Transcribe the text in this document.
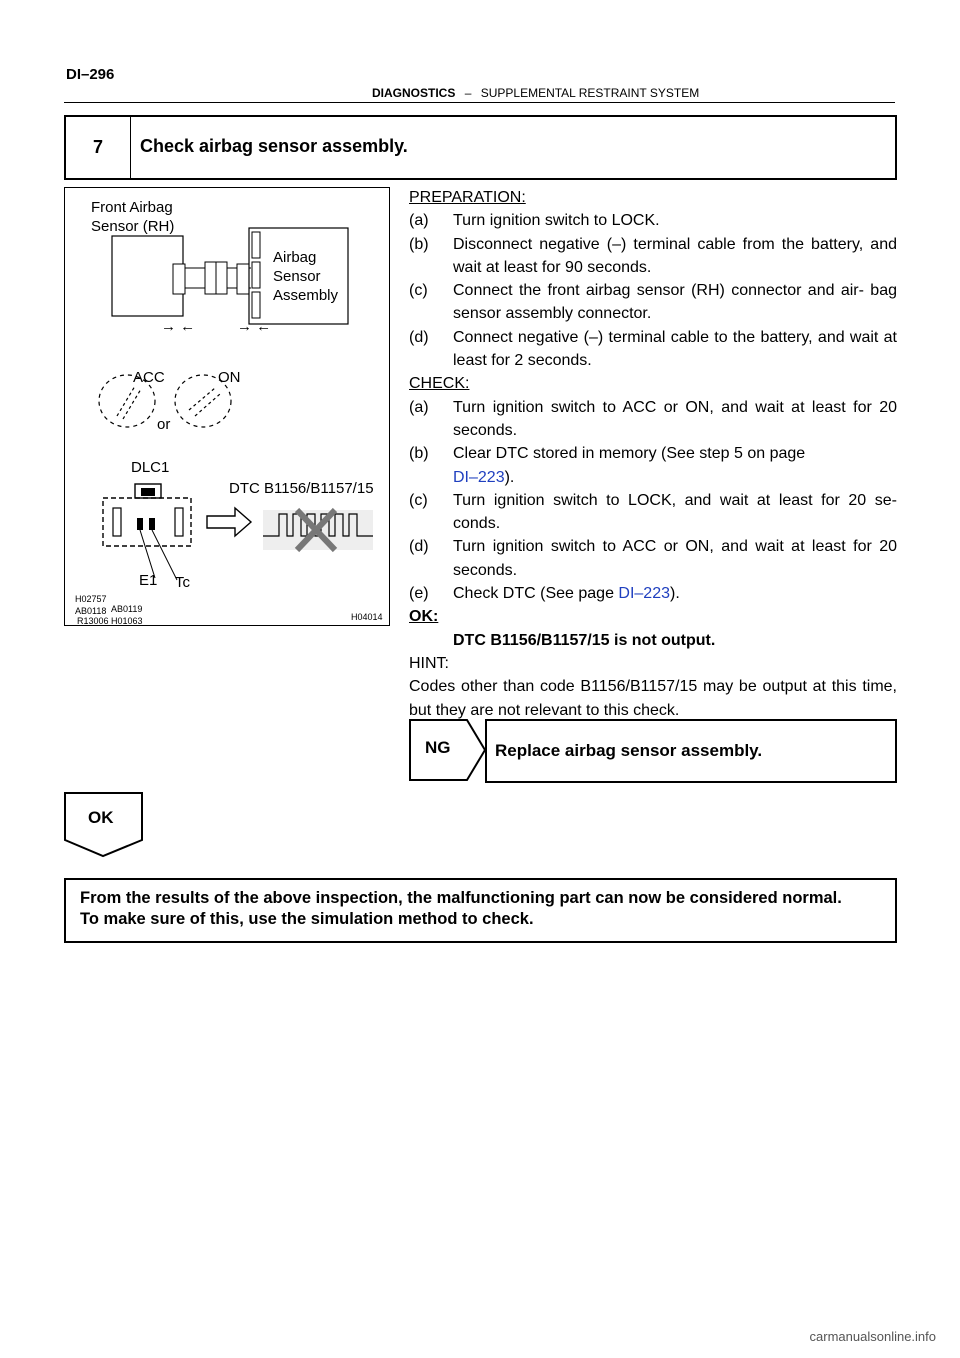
DI–296
DIAGNOSTICS – SUPPLEMENTAL RESTRAINT SYSTEM
7	Check airbag sensor assembly.
Front Airbag
Sensor (RH)
Airbag
Sensor
Assembly
→ ←	→ ←
ACC	ON
or
DLC1
DTC B1156/B1157/15
E1 Tc
H02757
AB0118 AB0119
R13006 H01063	H04014
PREPARATION:
(a)	Turn ignition switch to LOCK.
(b)	Disconnect negative (–) terminal cable from the battery, and wait at least for 90 seconds.
(c)	Connect the front airbag sensor (RH) connector and air- bag sensor assembly connector.
(d)	Connect negative (–) terminal cable to the battery, and wait at least for 2 seconds.
CHECK:
(a)	Turn ignition switch to ACC or ON, and wait at least for 20 seconds.
(b)	Clear DTC stored in memory (See step 5 on page
DI–223).
(c)	Turn ignition switch to LOCK, and wait at least for 20 se- conds.
(d)	Turn ignition switch to ACC or ON, and wait at least for 20 seconds.
(e)	Check DTC (See page DI–223).
OK:
DTC B1156/B1157/15 is not output.
HINT:
Codes other than code B1156/B1157/15 may be output at this time, but they are not relevant to this check.
NG	Replace airbag sensor assembly.
OK
From the results of the above inspection, the malfunctioning part can now be considered normal.
To make sure of this, use the simulation method to check.
carmanualsonline.info
